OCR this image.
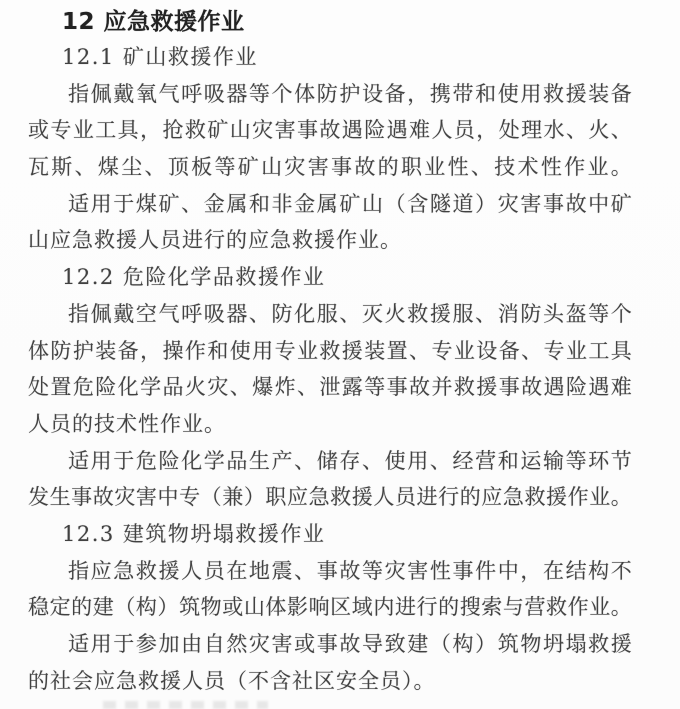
12 应急救援作业
12.1 矿山救援作业
指佩戴氧气呼吸器等个体防护设备，携带和使用救援装备
或专业工具，抢救矿山灾害事故遇险遇难人员，处理水、火、
瓦斯、煤尘、顶板等矿山灾害事故的职业性、技术性作业。
适用于煤矿、金属和非金属矿山（含隧道）灾害事故中矿
山应急救援人员进行的应急救援作业。
12.2 危险化学品救援作业
指佩戴空气呼吸器、防化服、灭火救援服、消防头盔等个
体防护装备，操作和使用专业救援装置、专业设备、专业工具
处置危险化学品火灾、爆炸、泄露等事故并救援事故遇险遇难
人员的技术性作业。
适用于危险化学品生产、储存、使用、经营和运输等环节
发生事故灾害中专（兼）职应急救援人员进行的应急救援作业。
12.3 建筑物坍塌救援作业
指应急救援人员在地震、事故等灾害性事件中，在结构不
稳定的建（构）筑物或山体影响区域内进行的搜索与营救作业。
适用于参加由自然灾害或事故导致建（构）筑物坍塌救援
的社会应急救援人员（不含社区安全员）。
